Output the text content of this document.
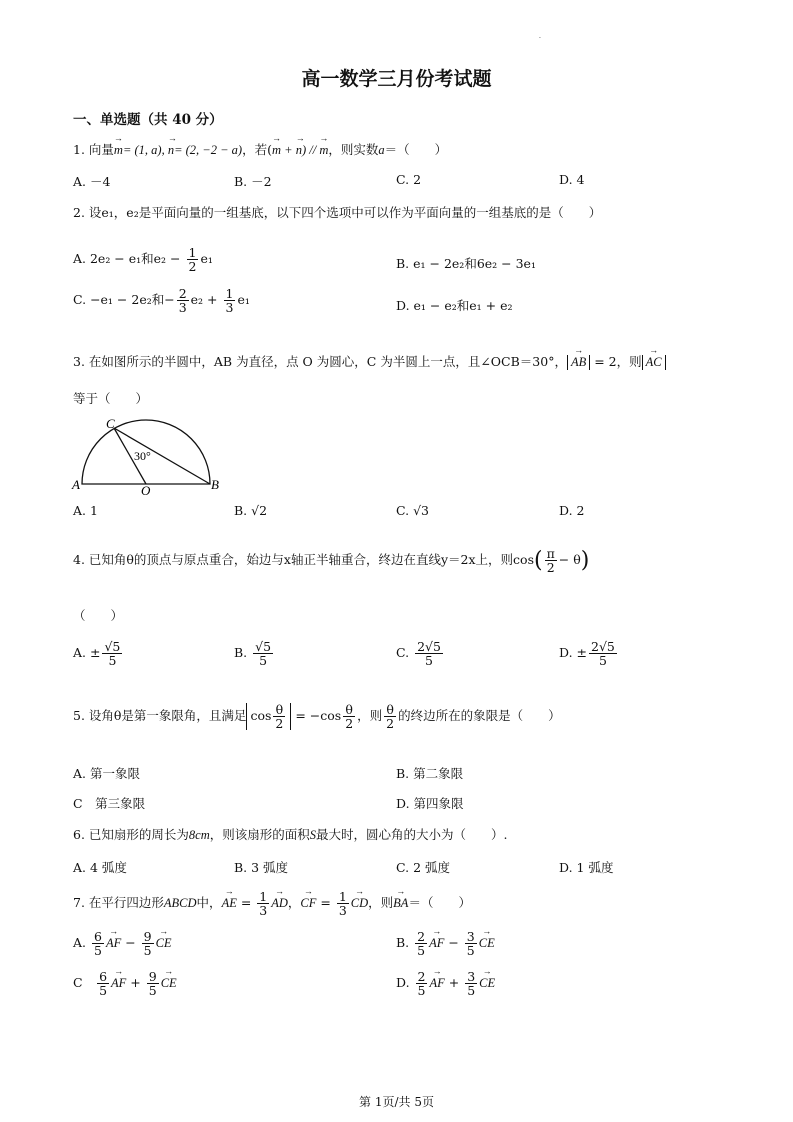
.
高一数学三月份考试题
一、单选题（共 40 分）
1. 向量→ m= (1, a), → n= (2, −2 − a)，若(→ m + → n) // → m，则实数a＝（　　）
A. －4	B. －2	C. 2	D. 4
2. 设e₁，e₂是平面向量的一组基底，以下四个选项中可以作为平面向量的一组基底的是（　　）
A. 2e₂ − e₁和$e_2 - \frac{1}{2} e_1$	B. e₁ − 2e₂和6e₂ − 3e₁
C. −e₁ − 2e₂和− $\frac{2}{3} e_2 + \frac{1}{3} e_1$	D. e₁ − e₂和e₁ + e₂
3. 在如图所示的半圆中，AB 为直径，点 O 为圆心，C 为半圆上一点，且∠OCB＝30°， → AB = 2，则 → AC
等于（　　）
C
30°
A	O	B
A. 1	B. √2	C. √3	D. 2
4. 已知角θ的顶点与原点重合，始边与x轴正半轴重合，终边在直线y＝2x上，则$\cos( \frac{\pi}{2} - \theta)$
（　　）
A. ± $\frac{√5}{5}$	B. $\frac{√5}{5}$	C. $\frac{2√5}{5}$	D. ± $\frac{2√5}{5}$
5. 设角θ是第一象限角，且满足 $\cos \frac{\theta}{2} = -\cos \frac{\theta}{2}$ ，则 $\frac{\theta}{2}$ 的终边所在的象限是（　　）
A. 第一象限	B. 第二象限
C　第三象限	D. 第四象限
6. 已知扇形的周长为8cm，则该扇形的面积S最大时，圆心角的大小为（　　）.
A. 4 弧度	B. 3 弧度	C. 2 弧度	D. 1 弧度
7. 在平行四边形ABCD中，→ AE = $\frac{1}{3}$ → AD，→ CF = $\frac{1}{3}$ → CD，则→ BA＝（　　）
A. $\frac{6}{5}$ → AF − $\frac{9}{5}$ → CE	B. $\frac{2}{5}$ → AF − $\frac{3}{5}$ → CE
C　 $\frac{6}{5}$ → AF + $\frac{9}{5}$ → CE	D. $\frac{2}{5}$ → AF + $\frac{3}{5}$ → CE
第 1页/共 5页
